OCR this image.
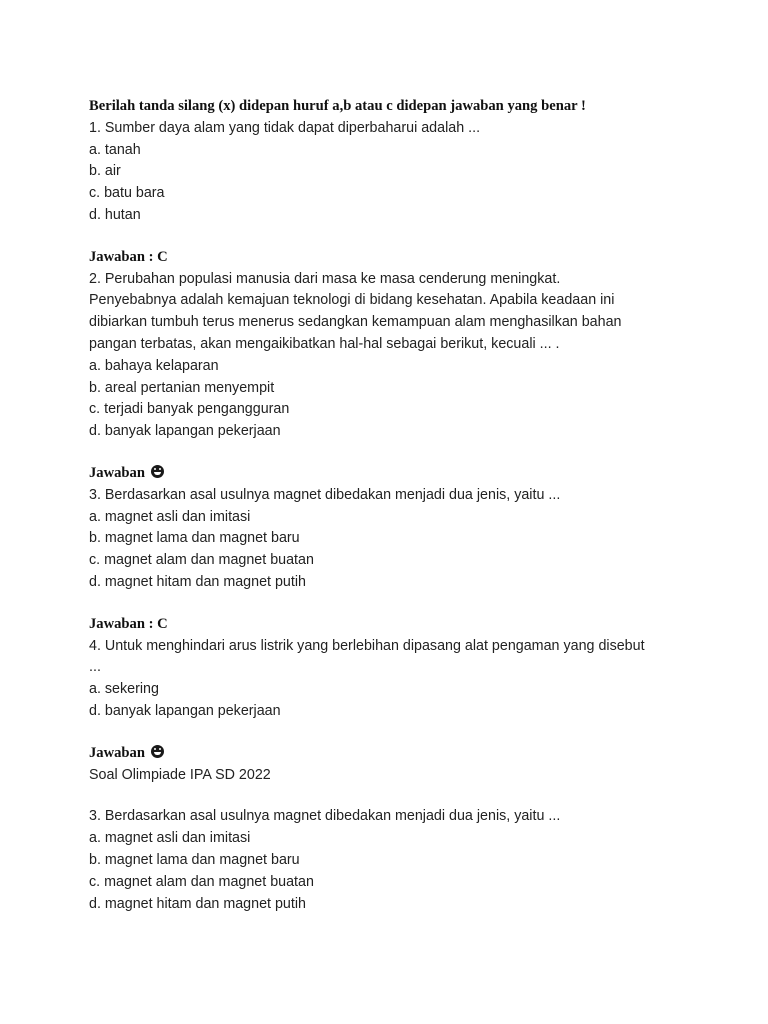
Berilah tanda silang (x) didepan huruf a,b atau c didepan jawaban yang benar !
1. Sumber daya alam yang tidak dapat diperbaharui adalah ...
a. tanah
b. air
c. batu bara
d. hutan
Jawaban : C
2. Perubahan populasi manusia dari masa ke masa cenderung meningkat.
Penyebabnya adalah kemajuan teknologi di bidang kesehatan. Apabila keadaan ini
dibiarkan tumbuh terus menerus sedangkan kemampuan alam menghasilkan bahan
pangan terbatas, akan mengaikibatkan hal-hal sebagai berikut, kecuali ... .
a. bahaya kelaparan
b. areal pertanian menyempit
c. terjadi banyak pengangguran
d. banyak lapangan pekerjaan
Jawaban
3. Berdasarkan asal usulnya magnet dibedakan menjadi dua jenis, yaitu ...
a. magnet asli dan imitasi
b. magnet lama dan magnet baru
c. magnet alam dan magnet buatan
d. magnet hitam dan magnet putih
Jawaban : C
4. Untuk menghindari arus listrik yang berlebihan dipasang alat pengaman yang disebut
...
a. sekering
d. banyak lapangan pekerjaan
Jawaban
Soal Olimpiade IPA SD 2022
3. Berdasarkan asal usulnya magnet dibedakan menjadi dua jenis, yaitu ...
a. magnet asli dan imitasi
b. magnet lama dan magnet baru
c. magnet alam dan magnet buatan
d. magnet hitam dan magnet putih
